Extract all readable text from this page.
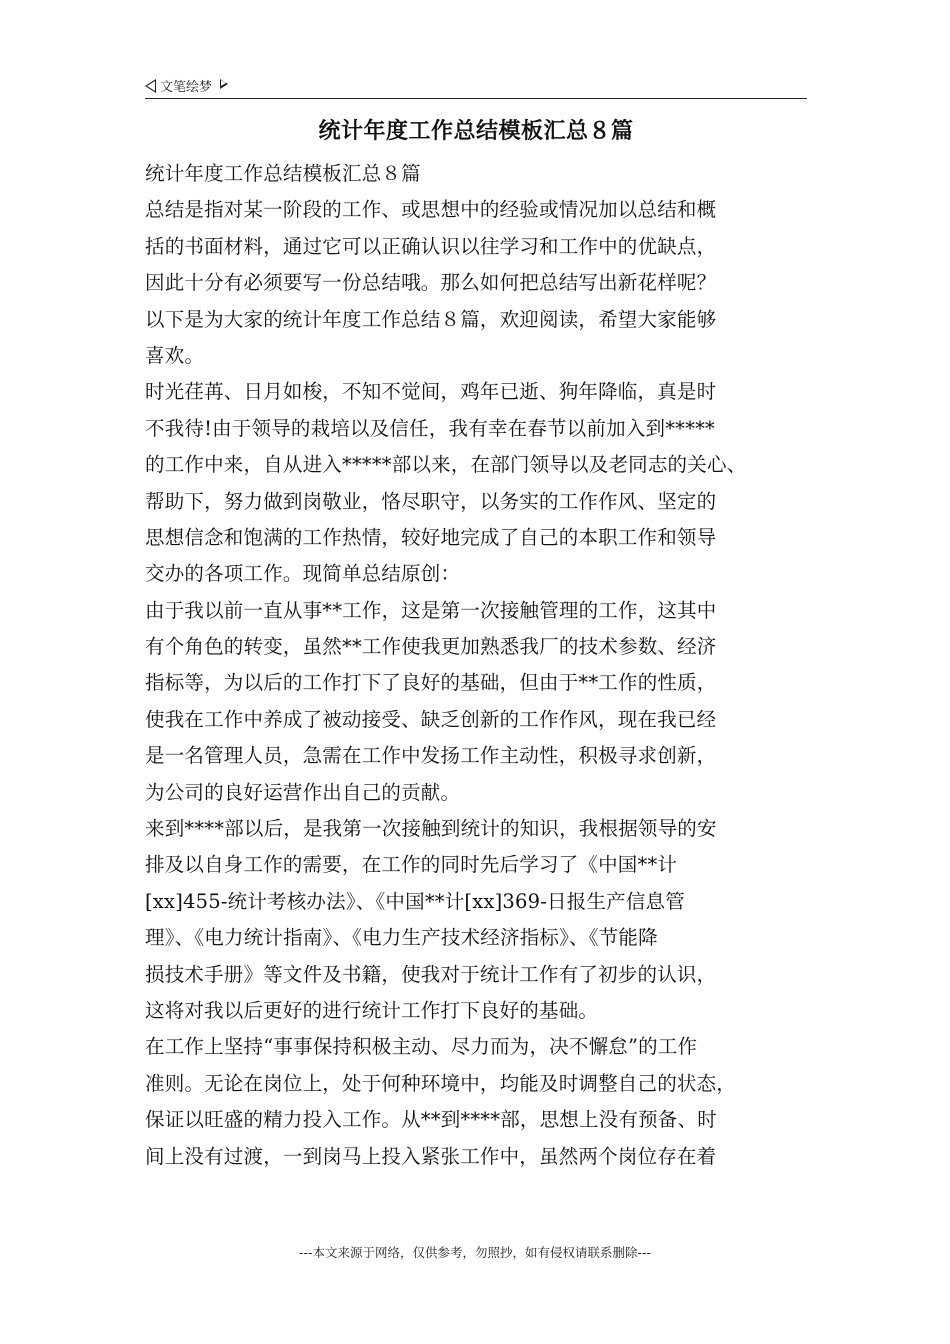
文笔绘梦
统计年度工作总结模板汇总８篇
统计年度工作总结模板汇总８篇
总结是指对某一阶段的工作、或思想中的经验或情况加以总结和概
括的书面材料，通过它可以正确认识以往学习和工作中的优缺点，
因此十分有必须要写一份总结哦。那么如何把总结写出新花样呢？
以下是为大家的统计年度工作总结８篇，欢迎阅读，希望大家能够
喜欢。
时光荏苒、日月如梭，不知不觉间，鸡年已逝、狗年降临，真是时
不我待!由于领导的栽培以及信任，我有幸在春节以前加入到*****
的工作中来，自从进入*****部以来，在部门领导以及老同志的关心、
帮助下，努力做到岗敬业，恪尽职守，以务实的工作作风、坚定的
思想信念和饱满的工作热情，较好地完成了自己的本职工作和领导
交办的各项工作。现简单总结原创：
由于我以前一直从事**工作，这是第一次接触管理的工作，这其中
有个角色的转变，虽然**工作使我更加熟悉我厂的技术参数、经济
指标等，为以后的工作打下了良好的基础，但由于**工作的性质，
使我在工作中养成了被动接受、缺乏创新的工作作风，现在我已经
是一名管理人员，急需在工作中发扬工作主动性，积极寻求创新，
为公司的良好运营作出自己的贡献。
来到****部以后，是我第一次接触到统计的知识，我根据领导的安
排及以自身工作的需要，在工作的同时先后学习了《中国**计
[xx]455-统计考核办法》、《中国**计[xx]369-日报生产信息管
理》、《电力统计指南》、《电力生产技术经济指标》、《节能降
损技术手册》等文件及书籍，使我对于统计工作有了初步的认识，
这将对我以后更好的进行统计工作打下良好的基础。
在工作上坚持“事事保持积极主动、尽力而为，决不懈怠”的工作
准则。无论在岗位上，处于何种环境中，均能及时调整自己的状态，
保证以旺盛的精力投入工作。从**到****部，思想上没有预备、时
间上没有过渡，一到岗马上投入紧张工作中，虽然两个岗位存在着
---本文来源于网络，仅供参考，勿照抄，如有侵权请联系删除---
